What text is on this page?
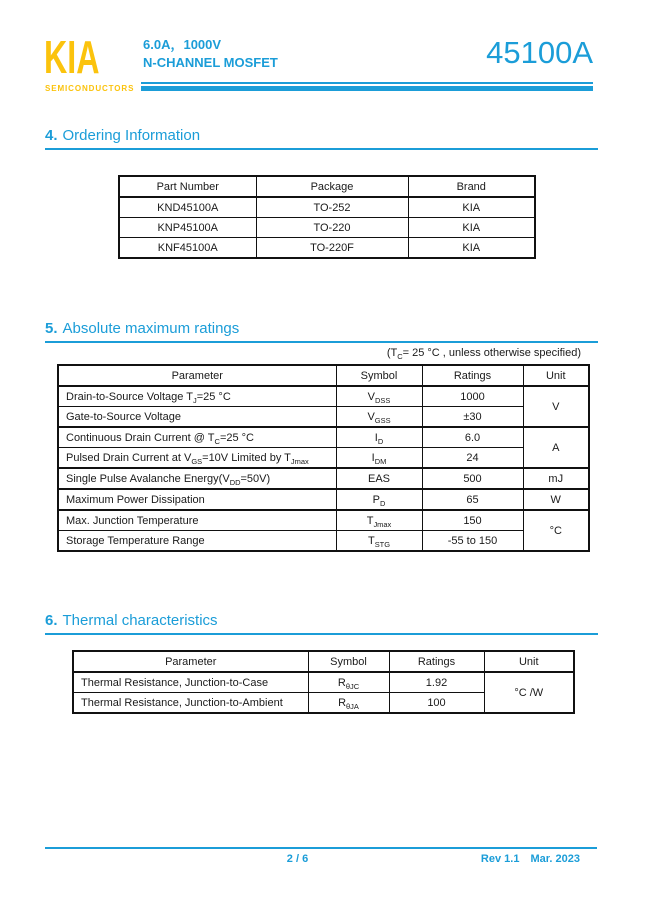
KIA
SEMICONDUCTORS
6.0A，1000V
N-CHANNEL MOSFET	45100A
4. Ordering Information
Part Number	Package	Brand
KND45100A	TO-252	KIA
KNP45100A	TO-220	KIA
KNF45100A	TO-220F	KIA
5. Absolute maximum ratings
($T_C= 25$ °C , unless otherwise specified)
Parameter	Symbol	Ratings	Unit
Drain-to-Source Voltage $T_J=25$ °C	$V_{DSS}$	1000	V
Gate-to-Source Voltage	$V_{GSS}$	±30	
Continuous Drain Current @ $T_C=25$ °C	$I_D$	6.0	A
Pulsed Drain Current at $V_{GS}=10V$ Limited by $T_{Jmax}$	$I_{DM}$	24	
Single Pulse Avalanche $Energy(V_{DD}=50V)$	EAS	500	mJ
Maximum Power Dissipation	$P_D$	65	W
Max. Junction Temperature	$T_{Jmax}$	150	°C
Storage Temperature Range	$T_{STG}$	-55 to 150	
6. Thermal characteristics
Parameter	Symbol	Ratings	Unit
Thermal Resistance, Junction-to-Case	$R_{\theta JC}$	1.92	°C /W
Thermal Resistance, Junction-to-Ambient	$R_{\theta JA}$	100	
2 / 6	Rev 1.1 Mar. 2023
